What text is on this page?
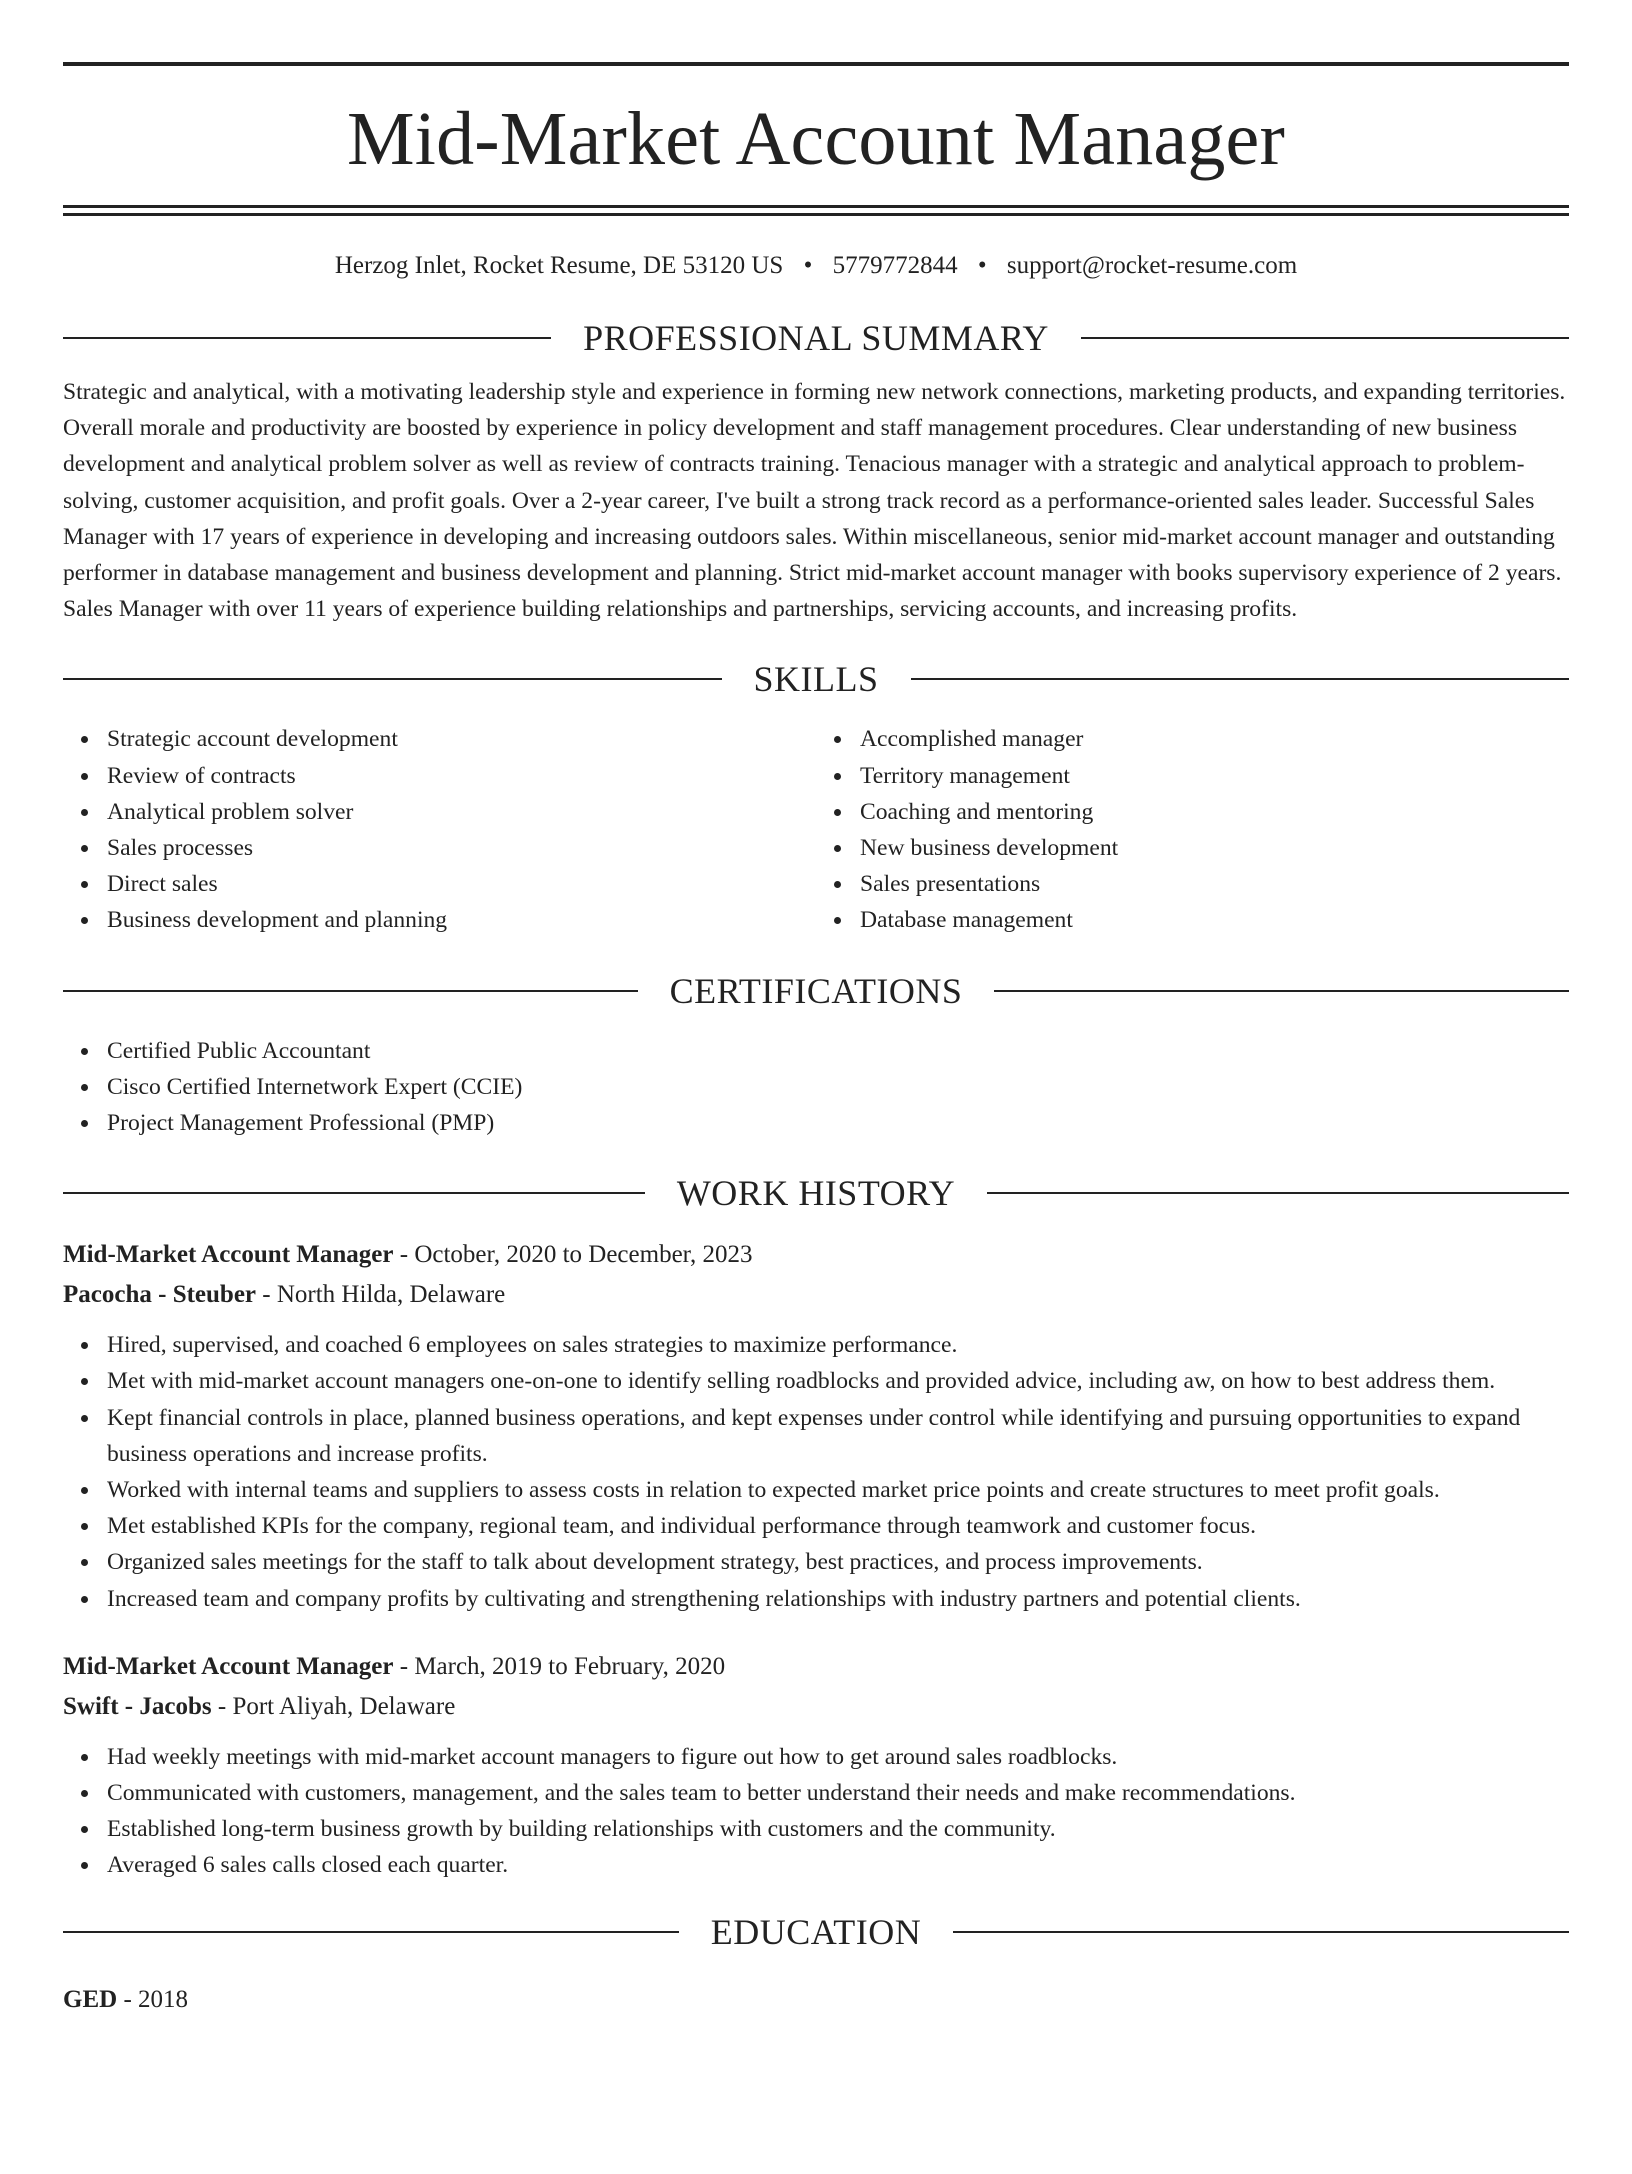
Mid-Market Account Manager
Herzog Inlet, Rocket Resume, DE 53120 US • 5779772844 • support@rocket-resume.com
PROFESSIONAL SUMMARY
Strategic and analytical, with a motivating leadership style and experience in forming new network connections, marketing products, and expanding territories. Overall morale and productivity are boosted by experience in policy development and staff management procedures. Clear understanding of new business development and analytical problem solver as well as review of contracts training. Tenacious manager with a strategic and analytical approach to problem-solving, customer acquisition, and profit goals. Over a 2-year career, I've built a strong track record as a performance-oriented sales leader. Successful Sales Manager with 17 years of experience in developing and increasing outdoors sales. Within miscellaneous, senior mid-market account manager and outstanding performer in database management and business development and planning. Strict mid-market account manager with books supervisory experience of 2 years. Sales Manager with over 11 years of experience building relationships and partnerships, servicing accounts, and increasing profits.
SKILLS
Strategic account development
Review of contracts
Analytical problem solver
Sales processes
Direct sales
Business development and planning
Accomplished manager
Territory management
Coaching and mentoring
New business development
Sales presentations
Database management
CERTIFICATIONS
Certified Public Accountant
Cisco Certified Internetwork Expert (CCIE)
Project Management Professional (PMP)
WORK HISTORY
Mid-Market Account Manager - October, 2020 to December, 2023
Pacocha - Steuber - North Hilda, Delaware
Hired, supervised, and coached 6 employees on sales strategies to maximize performance.
Met with mid-market account managers one-on-one to identify selling roadblocks and provided advice, including aw, on how to best address them.
Kept financial controls in place, planned business operations, and kept expenses under control while identifying and pursuing opportunities to expand business operations and increase profits.
Worked with internal teams and suppliers to assess costs in relation to expected market price points and create structures to meet profit goals.
Met established KPIs for the company, regional team, and individual performance through teamwork and customer focus.
Organized sales meetings for the staff to talk about development strategy, best practices, and process improvements.
Increased team and company profits by cultivating and strengthening relationships with industry partners and potential clients.
Mid-Market Account Manager - March, 2019 to February, 2020
Swift - Jacobs - Port Aliyah, Delaware
Had weekly meetings with mid-market account managers to figure out how to get around sales roadblocks.
Communicated with customers, management, and the sales team to better understand their needs and make recommendations.
Established long-term business growth by building relationships with customers and the community.
Averaged 6 sales calls closed each quarter.
EDUCATION
GED - 2018
